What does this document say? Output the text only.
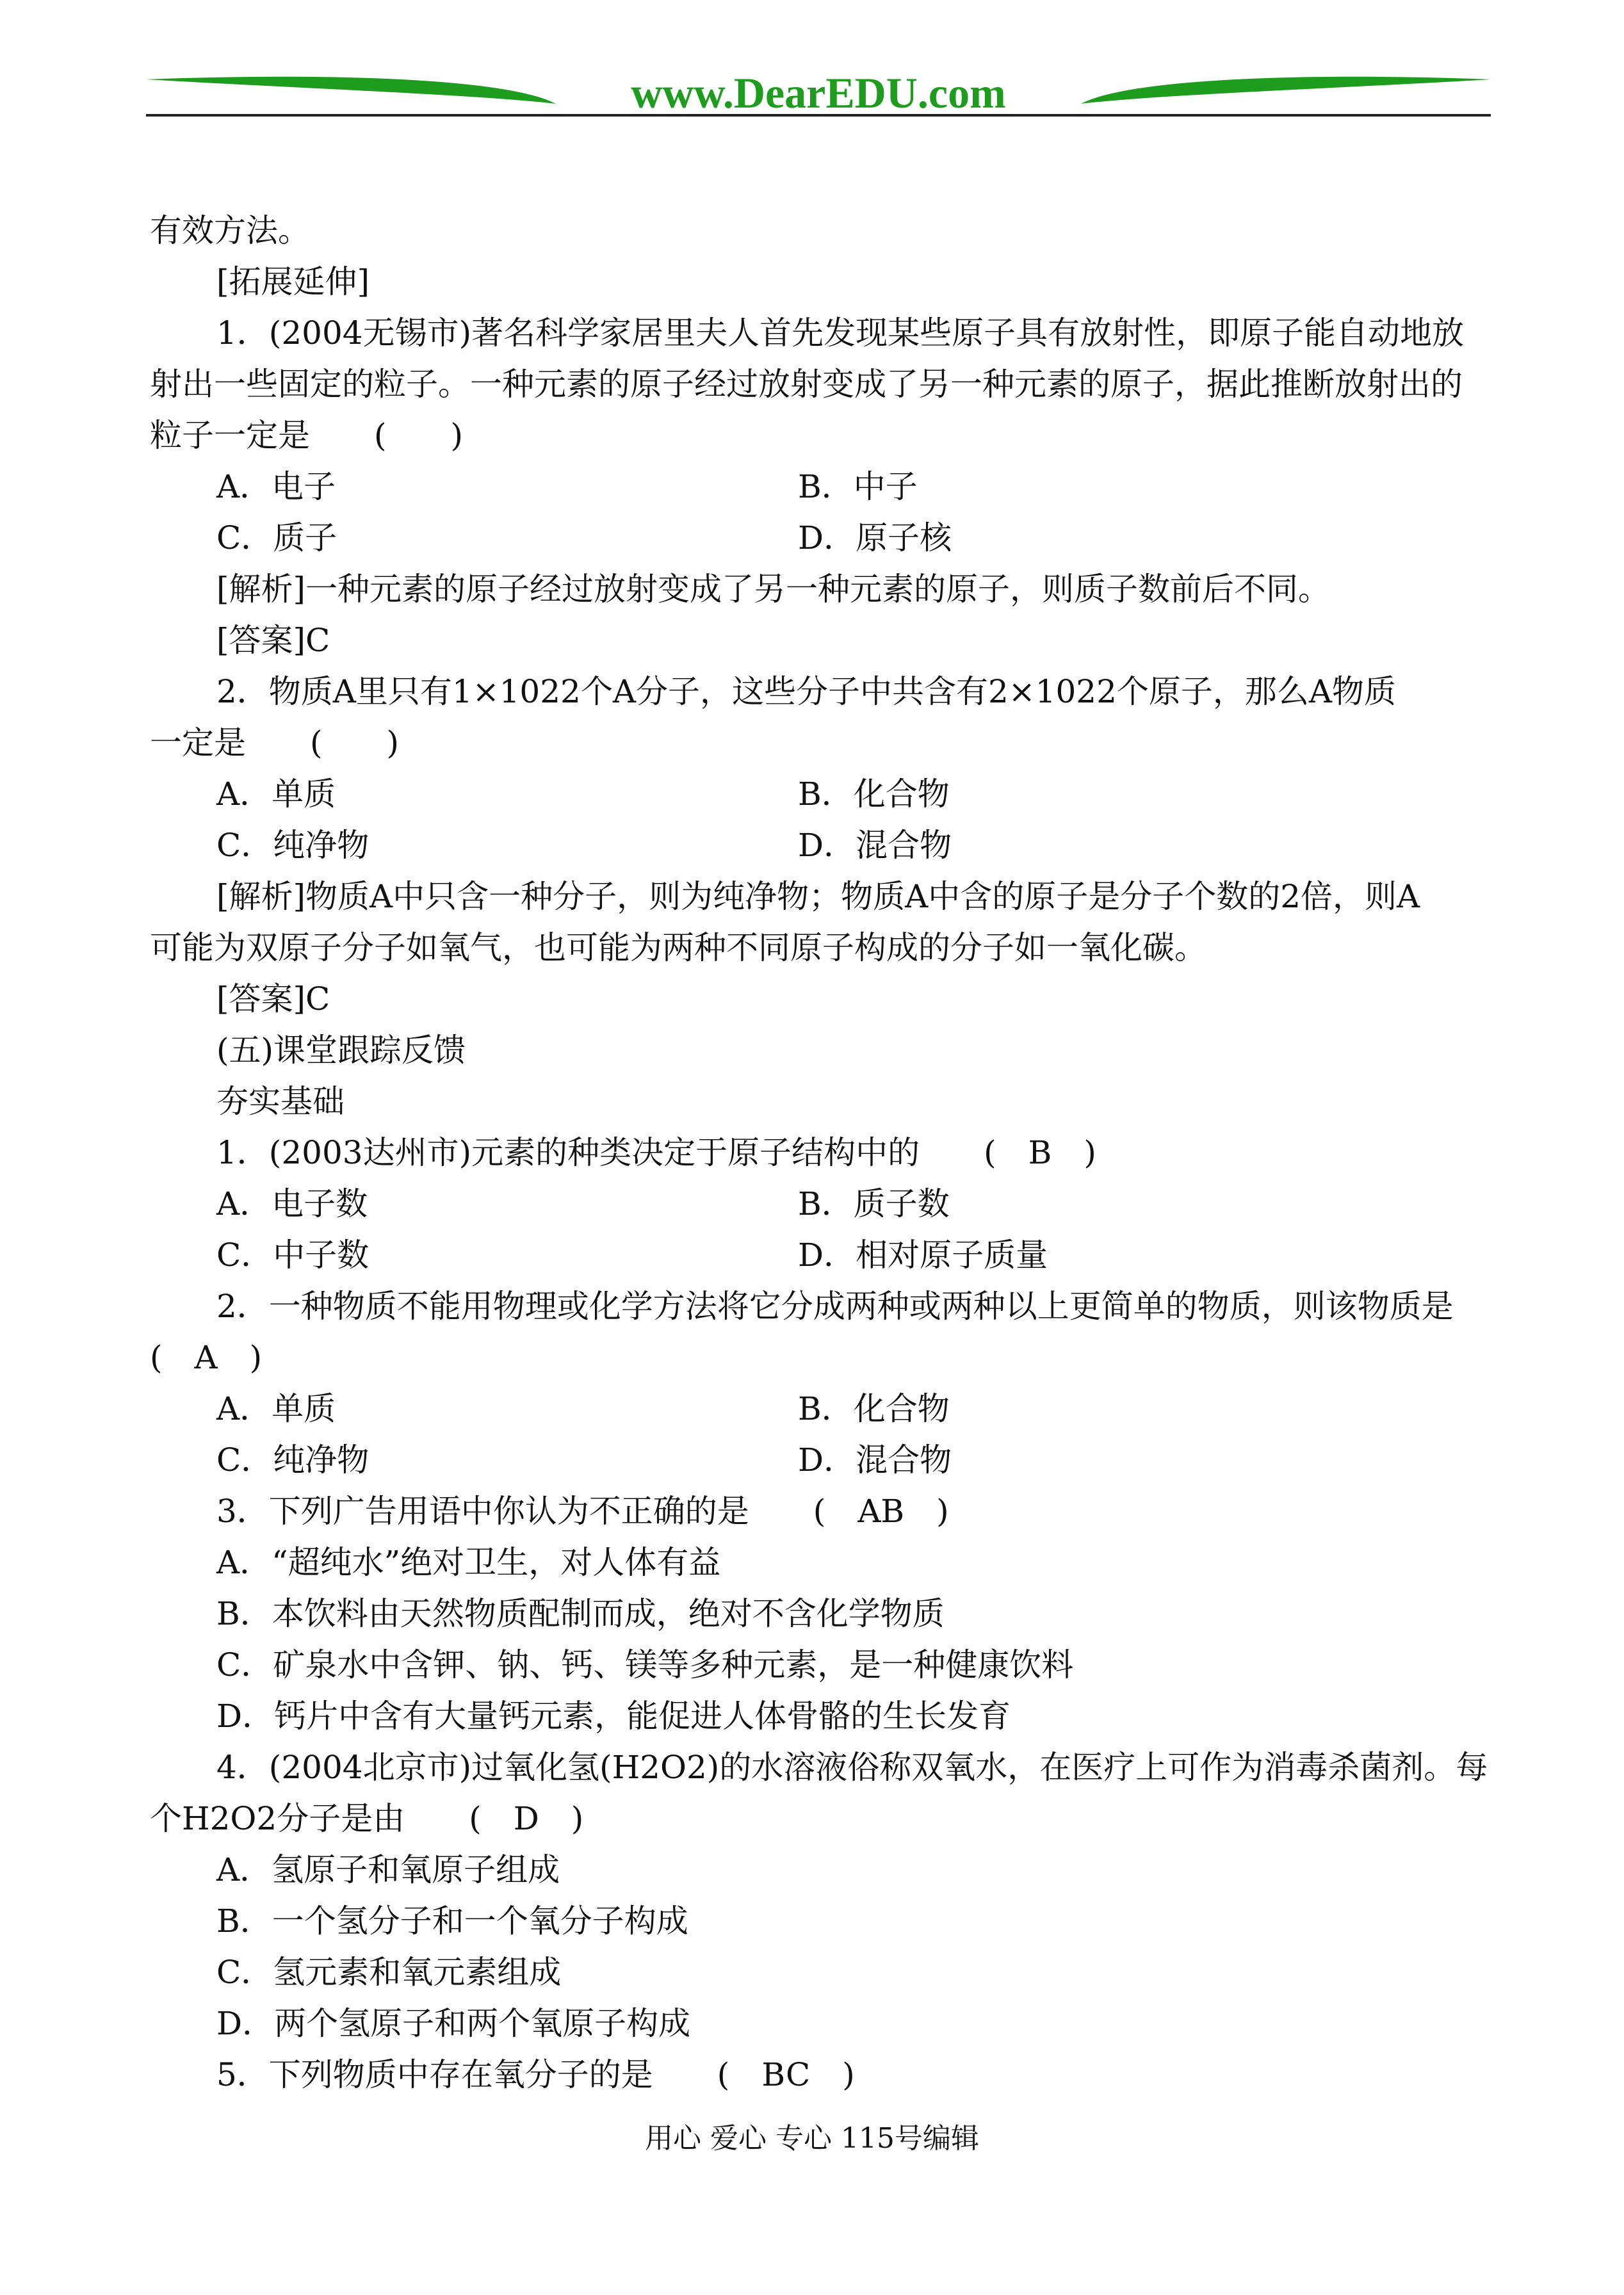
www.DearEDU.com
有效方法。
[拓展延伸]
1．(2004无锡市)著名科学家居里夫人首先发现某些原子具有放射性，即原子能自动地放
射出一些固定的粒子。一种元素的原子经过放射变成了另一种元素的原子，据此推断放射出的
粒子一定是　　(　　)
A．电子	B．中子
C．质子	D．原子核
[解析]一种元素的原子经过放射变成了另一种元素的原子，则质子数前后不同。
[答案]C
2．物质A里只有1×1022个A分子，这些分子中共含有2×1022个原子，那么A物质
一定是　　(　　)
A．单质	B．化合物
C．纯净物	D．混合物
[解析]物质A中只含一种分子，则为纯净物；物质A中含的原子是分子个数的2倍，则A
可能为双原子分子如氧气，也可能为两种不同原子构成的分子如一氧化碳。
[答案]C
(五)课堂跟踪反馈
夯实基础
1．(2003达州市)元素的种类决定于原子结构中的　　(　B　)
A．电子数	B．质子数
C．中子数	D．相对原子质量
2．一种物质不能用物理或化学方法将它分成两种或两种以上更简单的物质，则该物质是
(　A　)
A．单质	B．化合物
C．纯净物	D．混合物
3．下列广告用语中你认为不正确的是　　(　AB　)
A．“超纯水”绝对卫生，对人体有益
B．本饮料由天然物质配制而成，绝对不含化学物质
C．矿泉水中含钾、钠、钙、镁等多种元素，是一种健康饮料
D．钙片中含有大量钙元素，能促进人体骨骼的生长发育
4．(2004北京市)过氧化氢(H2O2)的水溶液俗称双氧水，在医疗上可作为消毒杀菌剂。每
个H2O2分子是由　　(　D　)
A．氢原子和氧原子组成
B．一个氢分子和一个氧分子构成
C．氢元素和氧元素组成
D．两个氢原子和两个氧原子构成
5．下列物质中存在氧分子的是　　(　BC　)
用心 爱心 专心 115号编辑
